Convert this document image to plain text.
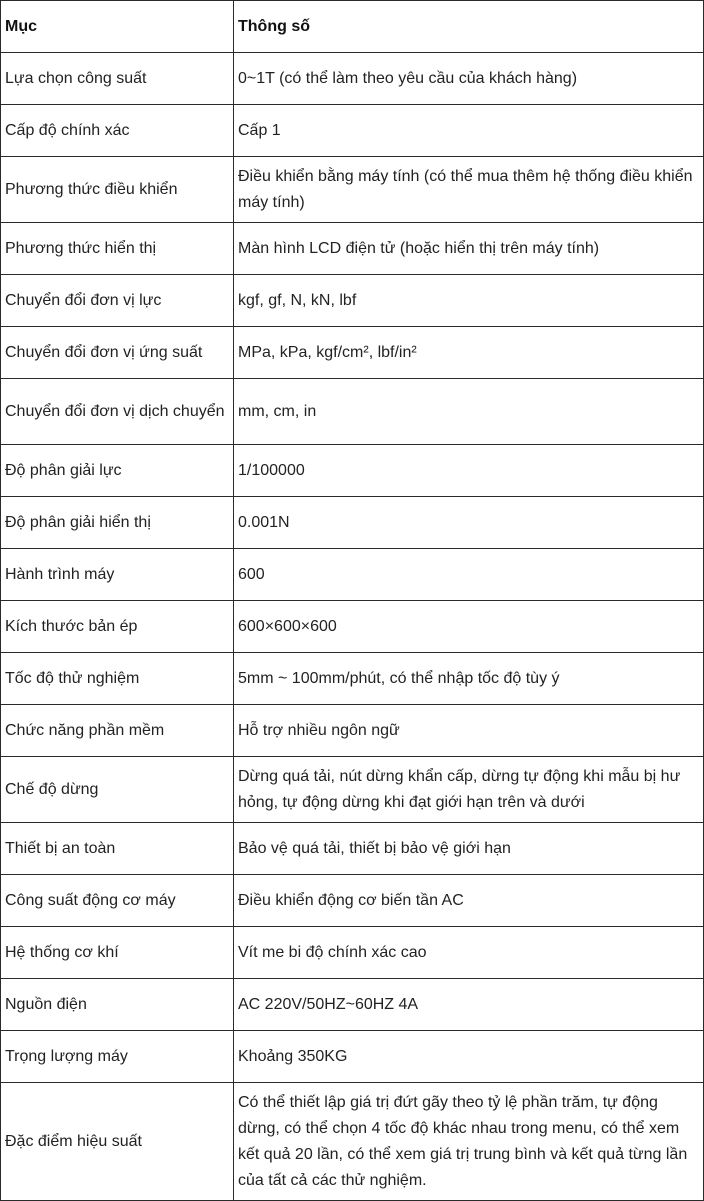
Mục	Thông số
Lựa chọn công suất	0~1T (có thể làm theo yêu cầu của khách hàng)
Cấp độ chính xác	Cấp 1
Phương thức điều khiển	Điều khiển bằng máy tính (có thể mua thêm hệ thống điều khiển máy tính)
Phương thức hiển thị	Màn hình LCD điện tử (hoặc hiển thị trên máy tính)
Chuyển đổi đơn vị lực	kgf, gf, N, kN, lbf
Chuyển đổi đơn vị ứng suất	MPa, kPa, kgf/cm², lbf/in²
Chuyển đổi đơn vị dịch chuyển	mm, cm, in
Độ phân giải lực	1/100000
Độ phân giải hiển thị	0.001N
Hành trình máy	600
Kích thước bản ép	600×600×600
Tốc độ thử nghiệm	5mm ~ 100mm/phút, có thể nhập tốc độ tùy ý
Chức năng phần mềm	Hỗ trợ nhiều ngôn ngữ
Chế độ dừng	Dừng quá tải, nút dừng khẩn cấp, dừng tự động khi mẫu bị hư hỏng, tự động dừng khi đạt giới hạn trên và dưới
Thiết bị an toàn	Bảo vệ quá tải, thiết bị bảo vệ giới hạn
Công suất động cơ máy	Điều khiển động cơ biến tần AC
Hệ thống cơ khí	Vít me bi độ chính xác cao
Nguồn điện	AC 220V/50HZ~60HZ 4A
Trọng lượng máy	Khoảng 350KG
Đặc điểm hiệu suất	Có thể thiết lập giá trị đứt gãy theo tỷ lệ phần trăm, tự động dừng, có thể chọn 4 tốc độ khác nhau trong menu, có thể xem kết quả 20 lần, có thể xem giá trị trung bình và kết quả từng lần của tất cả các thử nghiệm.
